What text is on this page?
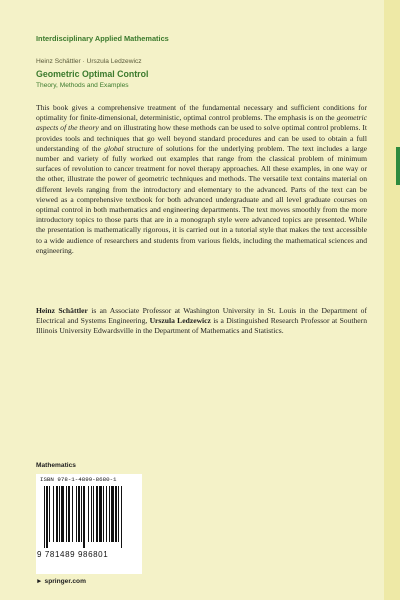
Interdisciplinary Applied Mathematics
Heinz Schättler · Urszula Ledzewicz
Geometric Optimal Control
Theory, Methods and Examples
This book gives a comprehensive treatment of the fundamental necessary and sufficient conditions for optimality for finite-dimensional, deterministic, optimal control problems. The emphasis is on the geometric aspects of the theory and on illustrating how these methods can be used to solve optimal control problems. It provides tools and techniques that go well beyond standard procedures and can be used to obtain a full understanding of the global structure of solutions for the underlying problem. The text includes a large number and variety of fully worked out examples that range from the classical problem of minimum surfaces of revolution to cancer treatment for novel therapy approaches. All these examples, in one way or the other, illustrate the power of geometric techniques and methods. The versatile text contains material on different levels ranging from the introductory and elementary to the advanced. Parts of the text can be viewed as a comprehensive textbook for both advanced undergraduate and all level graduate courses on optimal control in both mathematics and engineering departments. The text moves smoothly from the more introductory topics to those parts that are in a monograph style were advanced topics are presented. While the presentation is mathematically rigorous, it is carried out in a tutorial style that makes the text accessible to a wide audience of researchers and students from various fields, including the mathematical sciences and engineering.
Heinz Schättler is an Associate Professor at Washington University in St. Louis in the Department of Electrical and Systems Engineering, Urszula Ledzewicz is a Distinguished Research Professor at Southern Illinois University Edwardsville in the Department of Mathematics and Statistics.
Mathematics
ISBN 978-1-4899-8680-1
9 781489 986801
► springer.com
